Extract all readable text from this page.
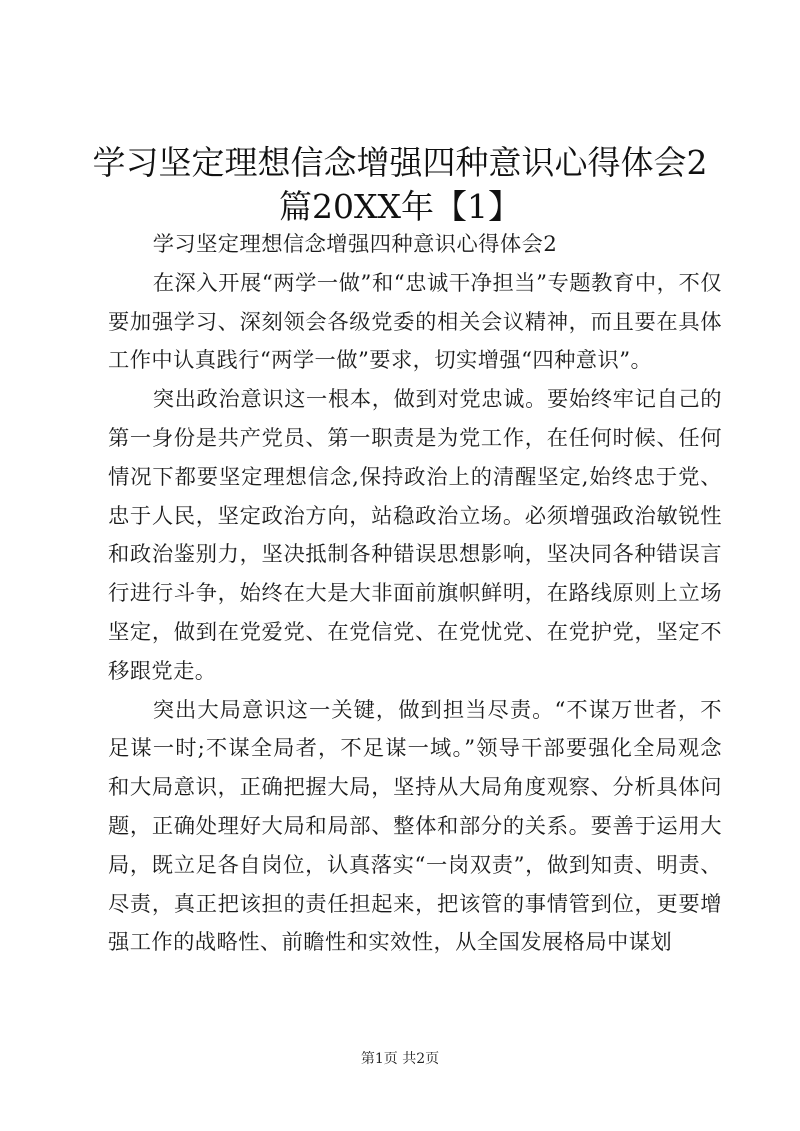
学习坚定理想信念增强四种意识心得体会2
篇20XX年【1】

学习坚定理想信念增强四种意识心得体会2

在深入开展“两学一做”和“忠诚干净担当”专题教育中，不仅要加强学习、深刻领会各级党委的相关会议精神，而且要在具体工作中认真践行“两学一做”要求，切实增强“四种意识”。

突出政治意识这一根本，做到对党忠诚。要始终牢记自己的第一身份是共产党员、第一职责是为党工作，在任何时候、任何情况下都要坚定理想信念,保持政治上的清醒坚定,始终忠于党、忠于人民，坚定政治方向，站稳政治立场。必须增强政治敏锐性和政治鉴别力，坚决抵制各种错误思想影响，坚决同各种错误言行进行斗争，始终在大是大非面前旗帜鲜明，在路线原则上立场坚定，做到在党爱党、在党信党、在党忧党、在党护党，坚定不移跟党走。

突出大局意识这一关键，做到担当尽责。“不谋万世者，不足谋一时;不谋全局者，不足谋一域。”领导干部要强化全局观念和大局意识，正确把握大局，坚持从大局角度观察、分析具体问题，正确处理好大局和局部、整体和部分的关系。要善于运用大局，既立足各自岗位，认真落实“一岗双责”，做到知责、明责、尽责，真正把该担的责任担起来，把该管的事情管到位，更要增强工作的战略性、前瞻性和实效性，从全国发展格局中谋划

第1页 共2页
